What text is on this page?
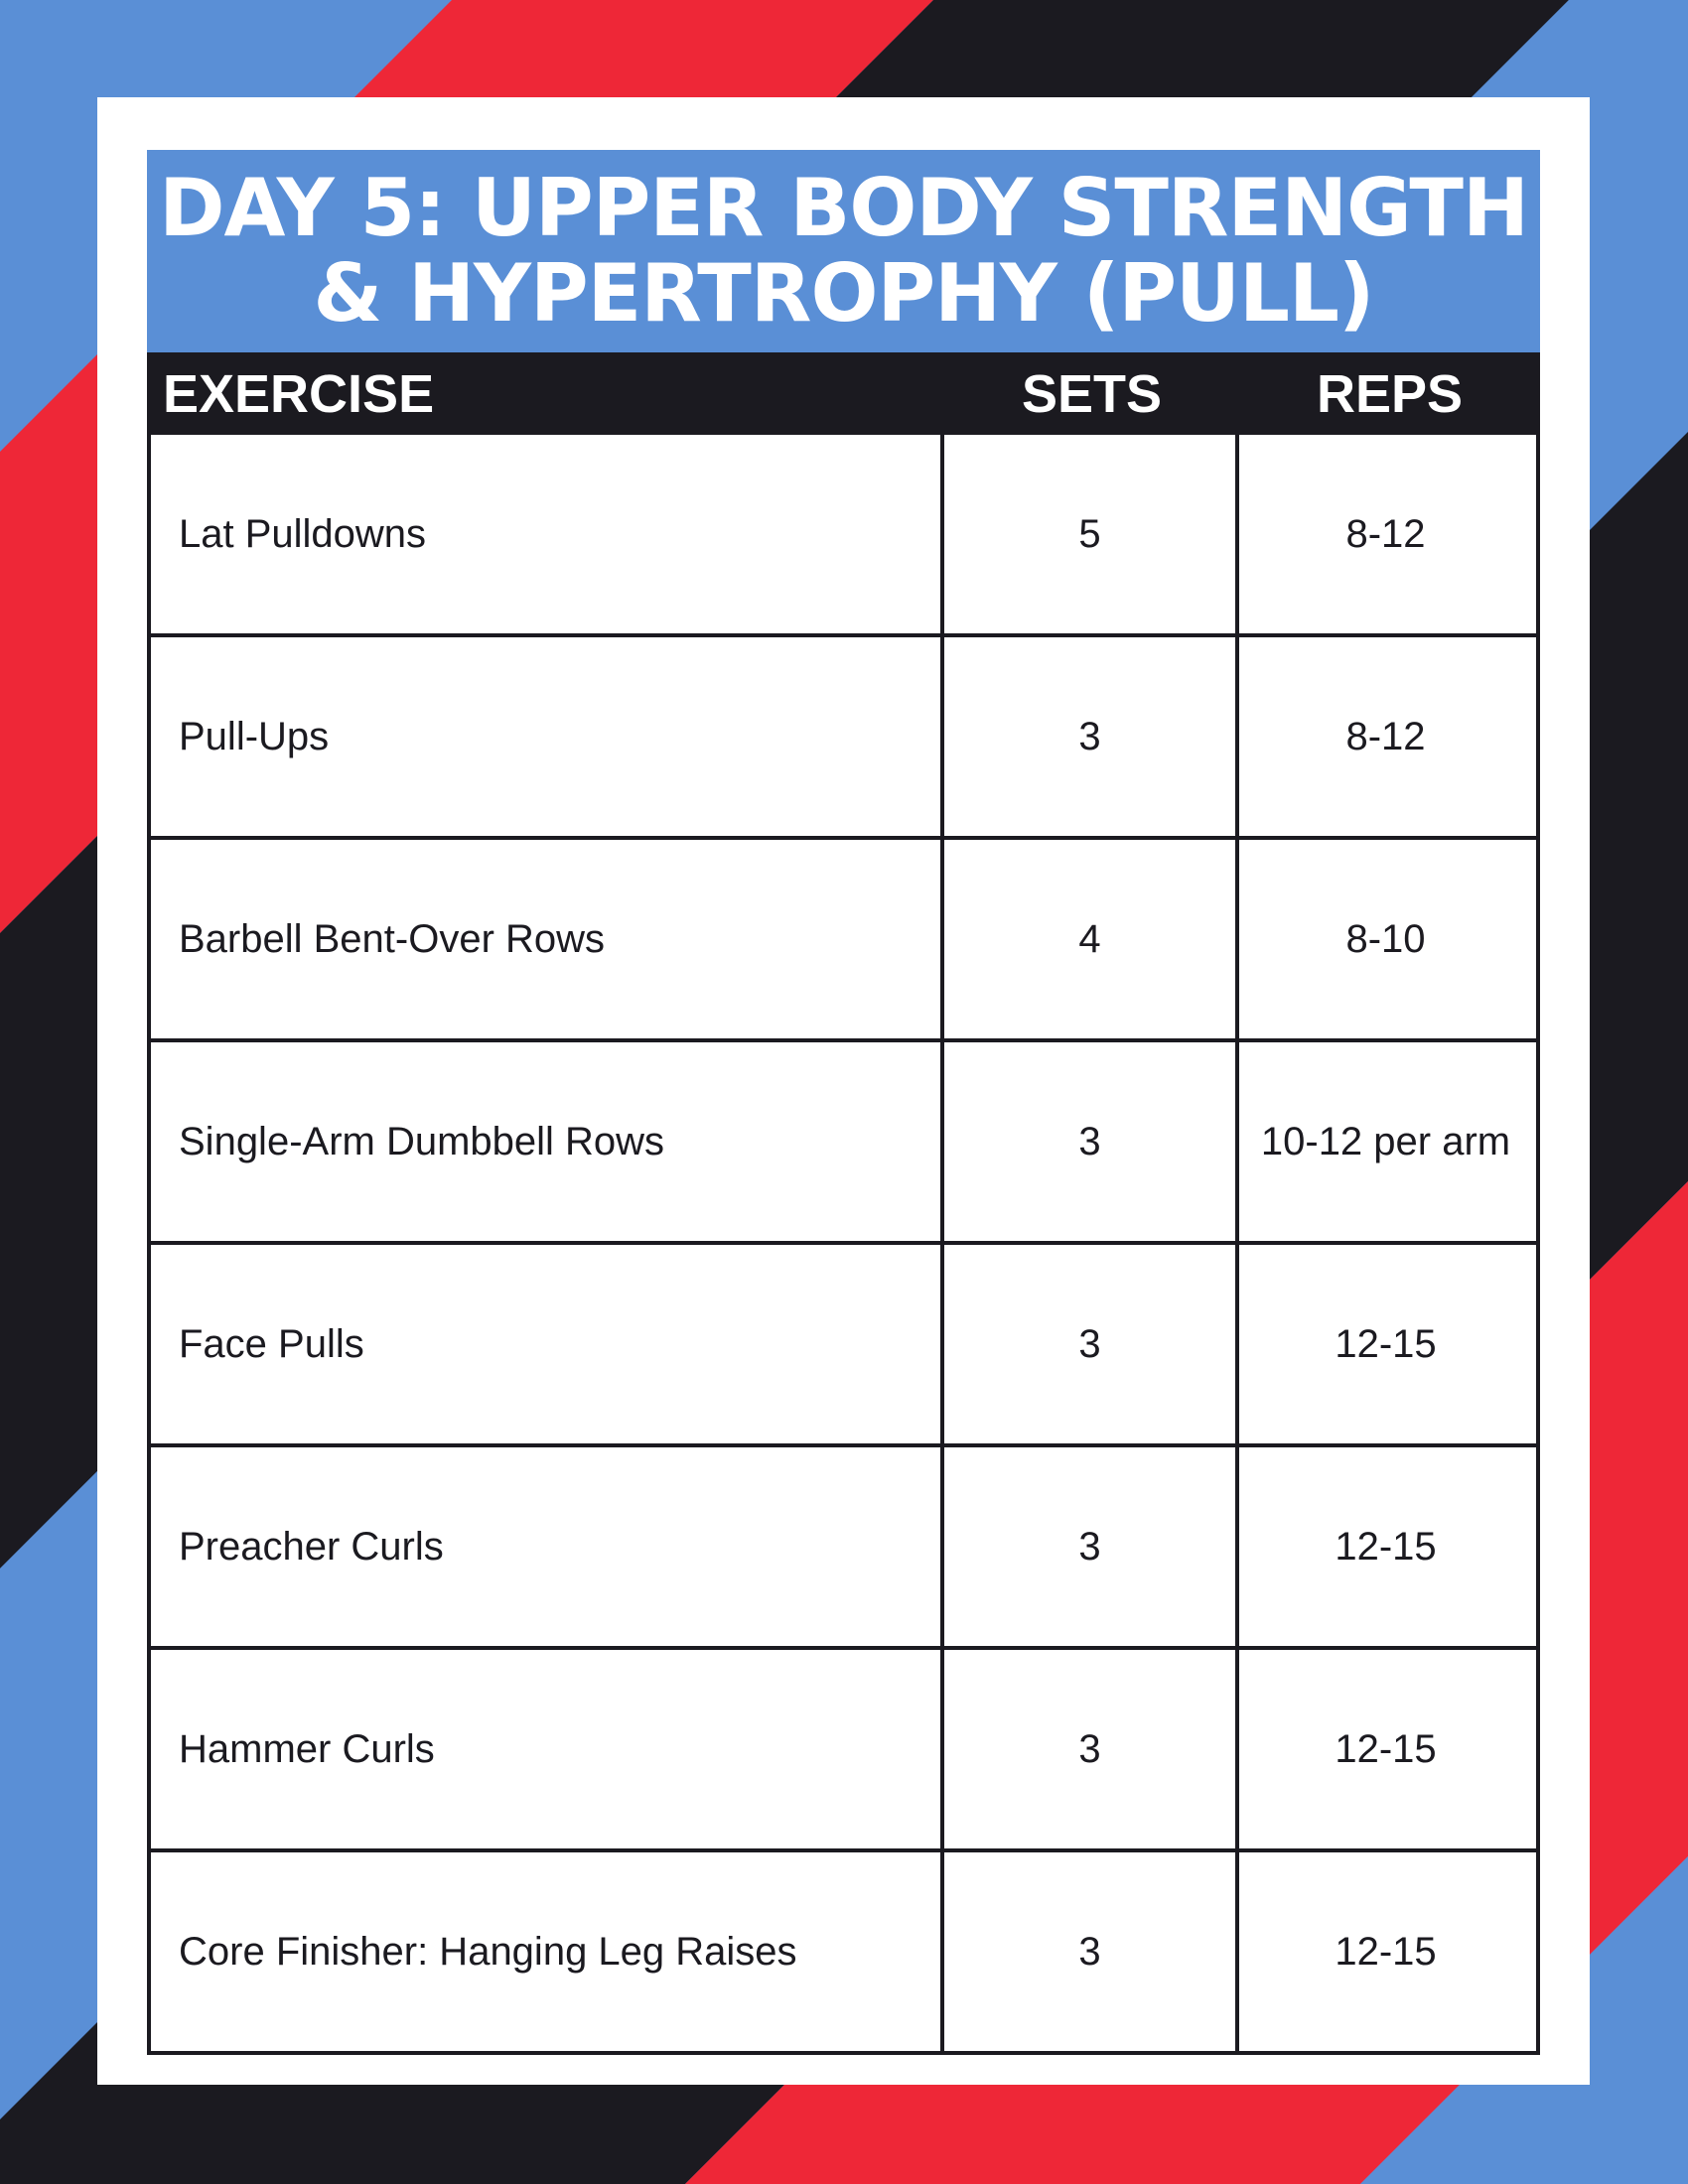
DAY 5: UPPER BODY STRENGTH
& HYPERTROPHY (PULL)
EXERCISE	SETS	REPS
Lat Pulldowns	5	8-12
Pull-Ups	3	8-12
Barbell Bent-Over Rows	4	8-10
Single-Arm Dumbbell Rows	3	10-12 per arm
Face Pulls	3	12-15
Preacher Curls	3	12-15
Hammer Curls	3	12-15
Core Finisher: Hanging Leg Raises	3	12-15
